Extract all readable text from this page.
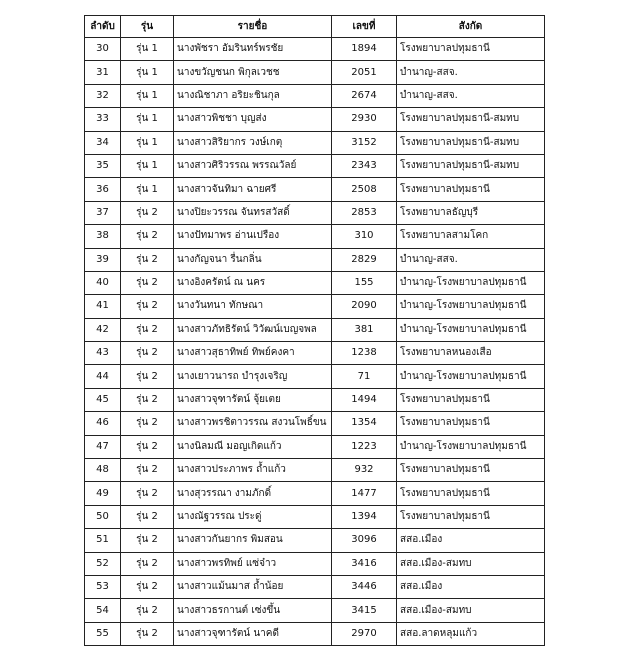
ลำดับ	รุ่น	รายชื่อ	เลขที่	สังกัด
30	รุ่น 1	นางพัชรา อัมรินทร์พรชัย	1894	โรงพยาบาลปทุมธานี
31	รุ่น 1	นางขวัญชนก พิกุลเวชช	2051	บำนาญ-สสจ.
32	รุ่น 1	นางณิชาภา อริยะชินกุล	2674	บำนาญ-สสจ.
33	รุ่น 1	นางสาวพิชชา บุญส่ง	2930	โรงพยาบาลปทุมธานี-สมทบ
34	รุ่น 1	นางสาวสิริยากร วงษ์เกตุ	3152	โรงพยาบาลปทุมธานี-สมทบ
35	รุ่น 1	นางสาวศิริวรรณ พรรณวัลย์	2343	โรงพยาบาลปทุมธานี-สมทบ
36	รุ่น 1	นางสาวจันทิมา ฉายศรี	2508	โรงพยาบาลปทุมธานี
37	รุ่น 2	นางปิยะวรรณ จันทรสวัสดิ์	2853	โรงพยาบาลธัญบุรี
38	รุ่น 2	นางปัทมาพร อ่านเปรือง	310	โรงพยาบาลสามโคก
39	รุ่น 2	นางกัญจนา รื่นกลิ่น	2829	บำนาญ-สสจ.
40	รุ่น 2	นางอิงครัตน์ ณ นคร	155	บำนาญ-โรงพยาบาลปทุมธานี
41	รุ่น 2	นางวันทนา ทักษณา	2090	บำนาญ-โรงพยาบาลปทุมธานี
42	รุ่น 2	นางสาวภัทธิรัตน์ วิวัฒน์เบญจพล	381	บำนาญ-โรงพยาบาลปทุมธานี
43	รุ่น 2	นางสาวสุธาทิพย์ ทิพย์คงคา	1238	โรงพยาบาลหนองเสือ
44	รุ่น 2	นางเยาวนารถ บำรุงเจริญ	71	บำนาญ-โรงพยาบาลปทุมธานี
45	รุ่น 2	นางสาวจุฑารัตน์ จุ้ยเตย	1494	โรงพยาบาลปทุมธานี
46	รุ่น 2	นางสาวพรชิตาวรรณ สงวนโพธิ์ขน	1354	โรงพยาบาลปทุมธานี
47	รุ่น 2	นางนิลมณี มอญเกิดแก้ว	1223	บำนาญ-โรงพยาบาลปทุมธานี
48	รุ่น 2	นางสาวประภาพร ถ้ำแก้ว	932	โรงพยาบาลปทุมธานี
49	รุ่น 2	นางสุวรรณา งามภักดิ์	1477	โรงพยาบาลปทุมธานี
50	รุ่น 2	นางณัฐวรรณ ประดู่	1394	โรงพยาบาลปทุมธานี
51	รุ่น 2	นางสาวกันยากร พิมสอน	3096	สสอ.เมือง
52	รุ่น 2	นางสาวพรทิพย์ แซ่จ๋าว	3416	สสอ.เมือง-สมทบ
53	รุ่น 2	นางสาวแม้นมาส ถ้ำน้อย	3446	สสอ.เมือง
54	รุ่น 2	นางสาวธรกานต์ เซ่งขึ้น	3415	สสอ.เมือง-สมทบ
55	รุ่น 2	นางสาวจุฑารัตน์ นาคดี	2970	สสอ.ลาดหลุมแก้ว
